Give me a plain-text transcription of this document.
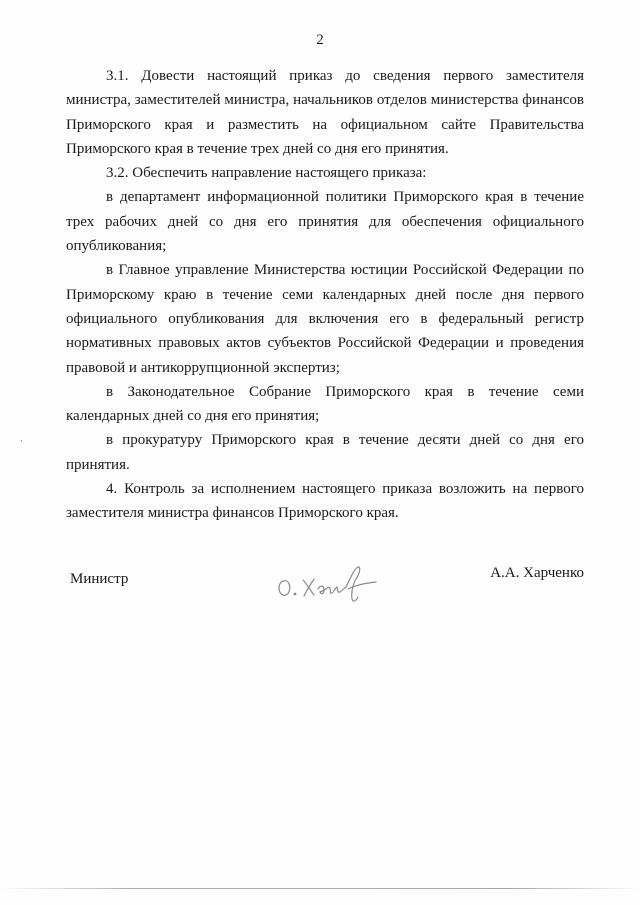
2

3.1. Довести настоящий приказ до сведения первого заместителя министра, заместителей министра, начальников отделов министерства финансов Приморского края и разместить на официальном сайте Правительства Приморского края в течение трех дней со дня его принятия.

3.2. Обеспечить направление настоящего приказа:

в департамент информационной политики Приморского края в течение трех рабочих дней со дня его принятия для обеспечения официального опубликования;

в Главное управление Министерства юстиции Российской Федерации по Приморскому краю в течение семи календарных дней после дня первого официального опубликования для включения его в федеральный регистр нормативных правовых актов субъектов Российской Федерации и проведения правовой и антикоррупционной экспертиз;

в Законодательное Собрание Приморского края в течение семи календарных дней со дня его принятия;

в прокуратуру Приморского края в течение десяти дней со дня его принятия.

4. Контроль за исполнением настоящего приказа возложить на первого заместителя министра финансов Приморского края.

Министр	А.А. Харченко
